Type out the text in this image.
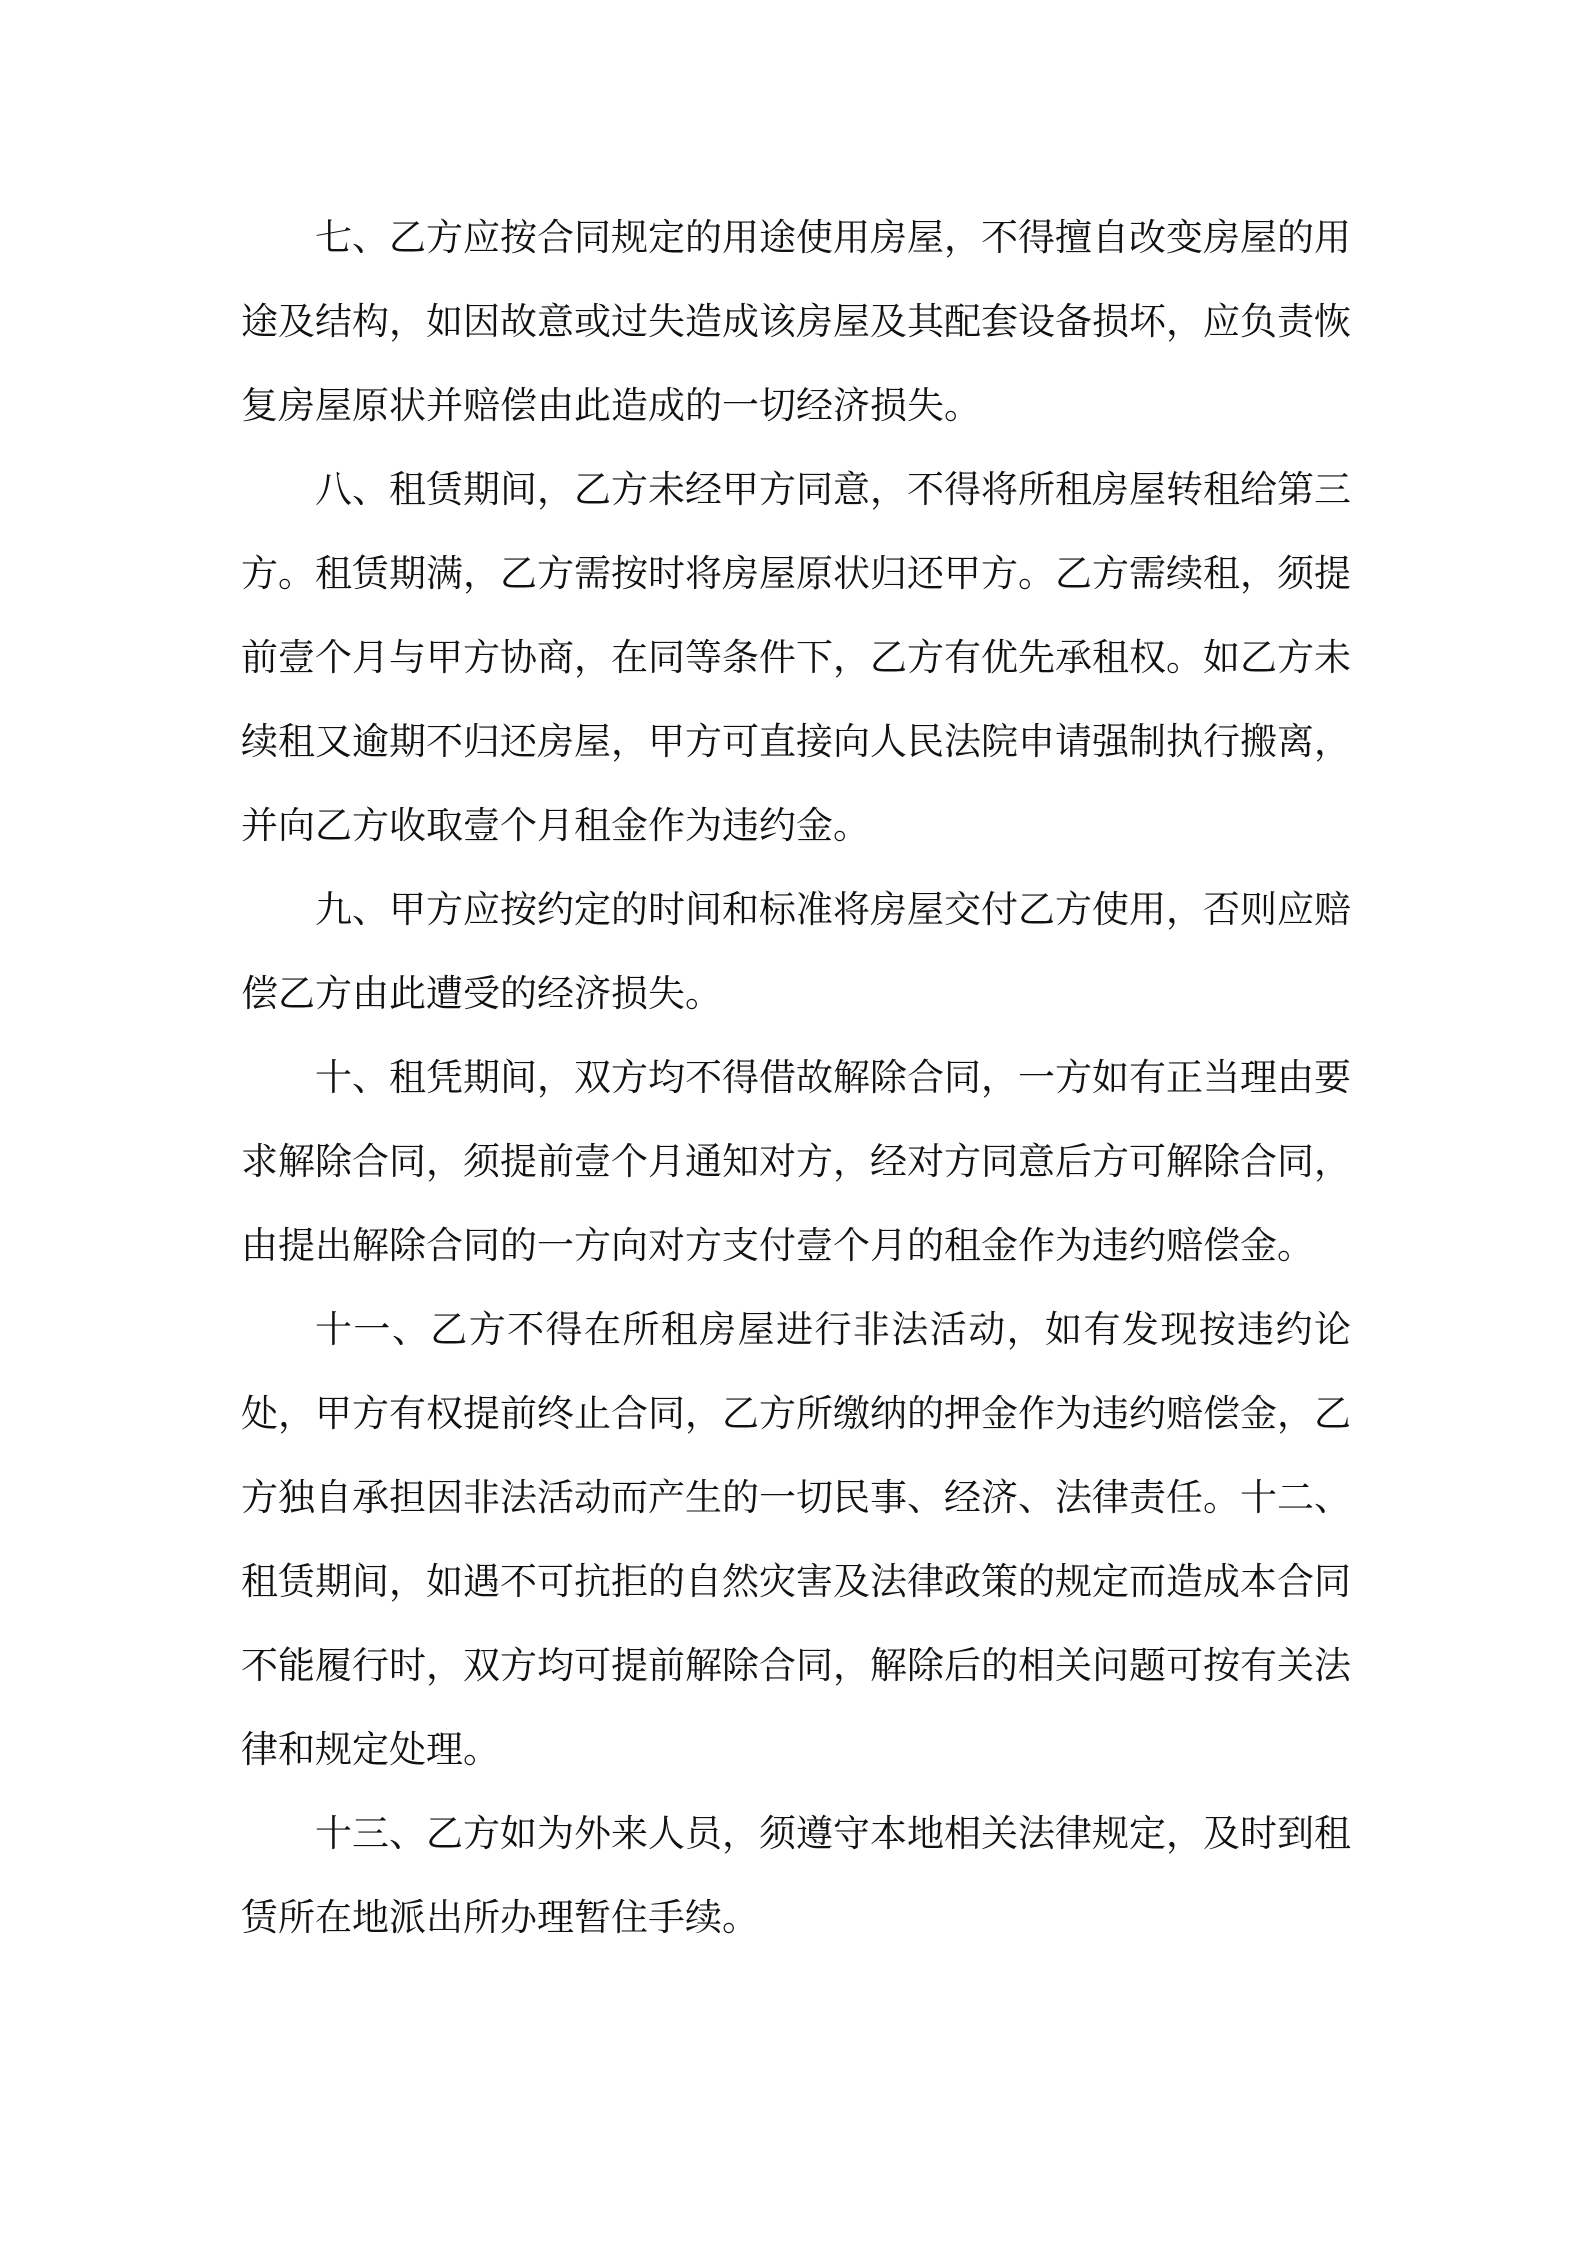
七、乙方应按合同规定的用途使用房屋，不得擅自改变房屋的用途及结构，如因故意或过失造成该房屋及其配套设备损坏，应负责恢复房屋原状并赔偿由此造成的一切经济损失。

八、租赁期间，乙方未经甲方同意，不得将所租房屋转租给第三方。租赁期满，乙方需按时将房屋原状归还甲方。乙方需续租，须提前壹个月与甲方协商，在同等条件下，乙方有优先承租权。如乙方未续租又逾期不归还房屋，甲方可直接向人民法院申请强制执行搬离，并向乙方收取壹个月租金作为违约金。

九、甲方应按约定的时间和标准将房屋交付乙方使用，否则应赔偿乙方由此遭受的经济损失。

十、租凭期间，双方均不得借故解除合同，一方如有正当理由要求解除合同，须提前壹个月通知对方，经对方同意后方可解除合同，由提出解除合同的一方向对方支付壹个月的租金作为违约赔偿金。

十一、乙方不得在所租房屋进行非法活动，如有发现按违约论处，甲方有权提前终止合同，乙方所缴纳的押金作为违约赔偿金，乙方独自承担因非法活动而产生的一切民事、经济、法律责任。十二、租赁期间，如遇不可抗拒的自然灾害及法律政策的规定而造成本合同不能履行时，双方均可提前解除合同，解除后的相关问题可按有关法律和规定处理。

十三、乙方如为外来人员，须遵守本地相关法律规定，及时到租赁所在地派出所办理暂住手续。
